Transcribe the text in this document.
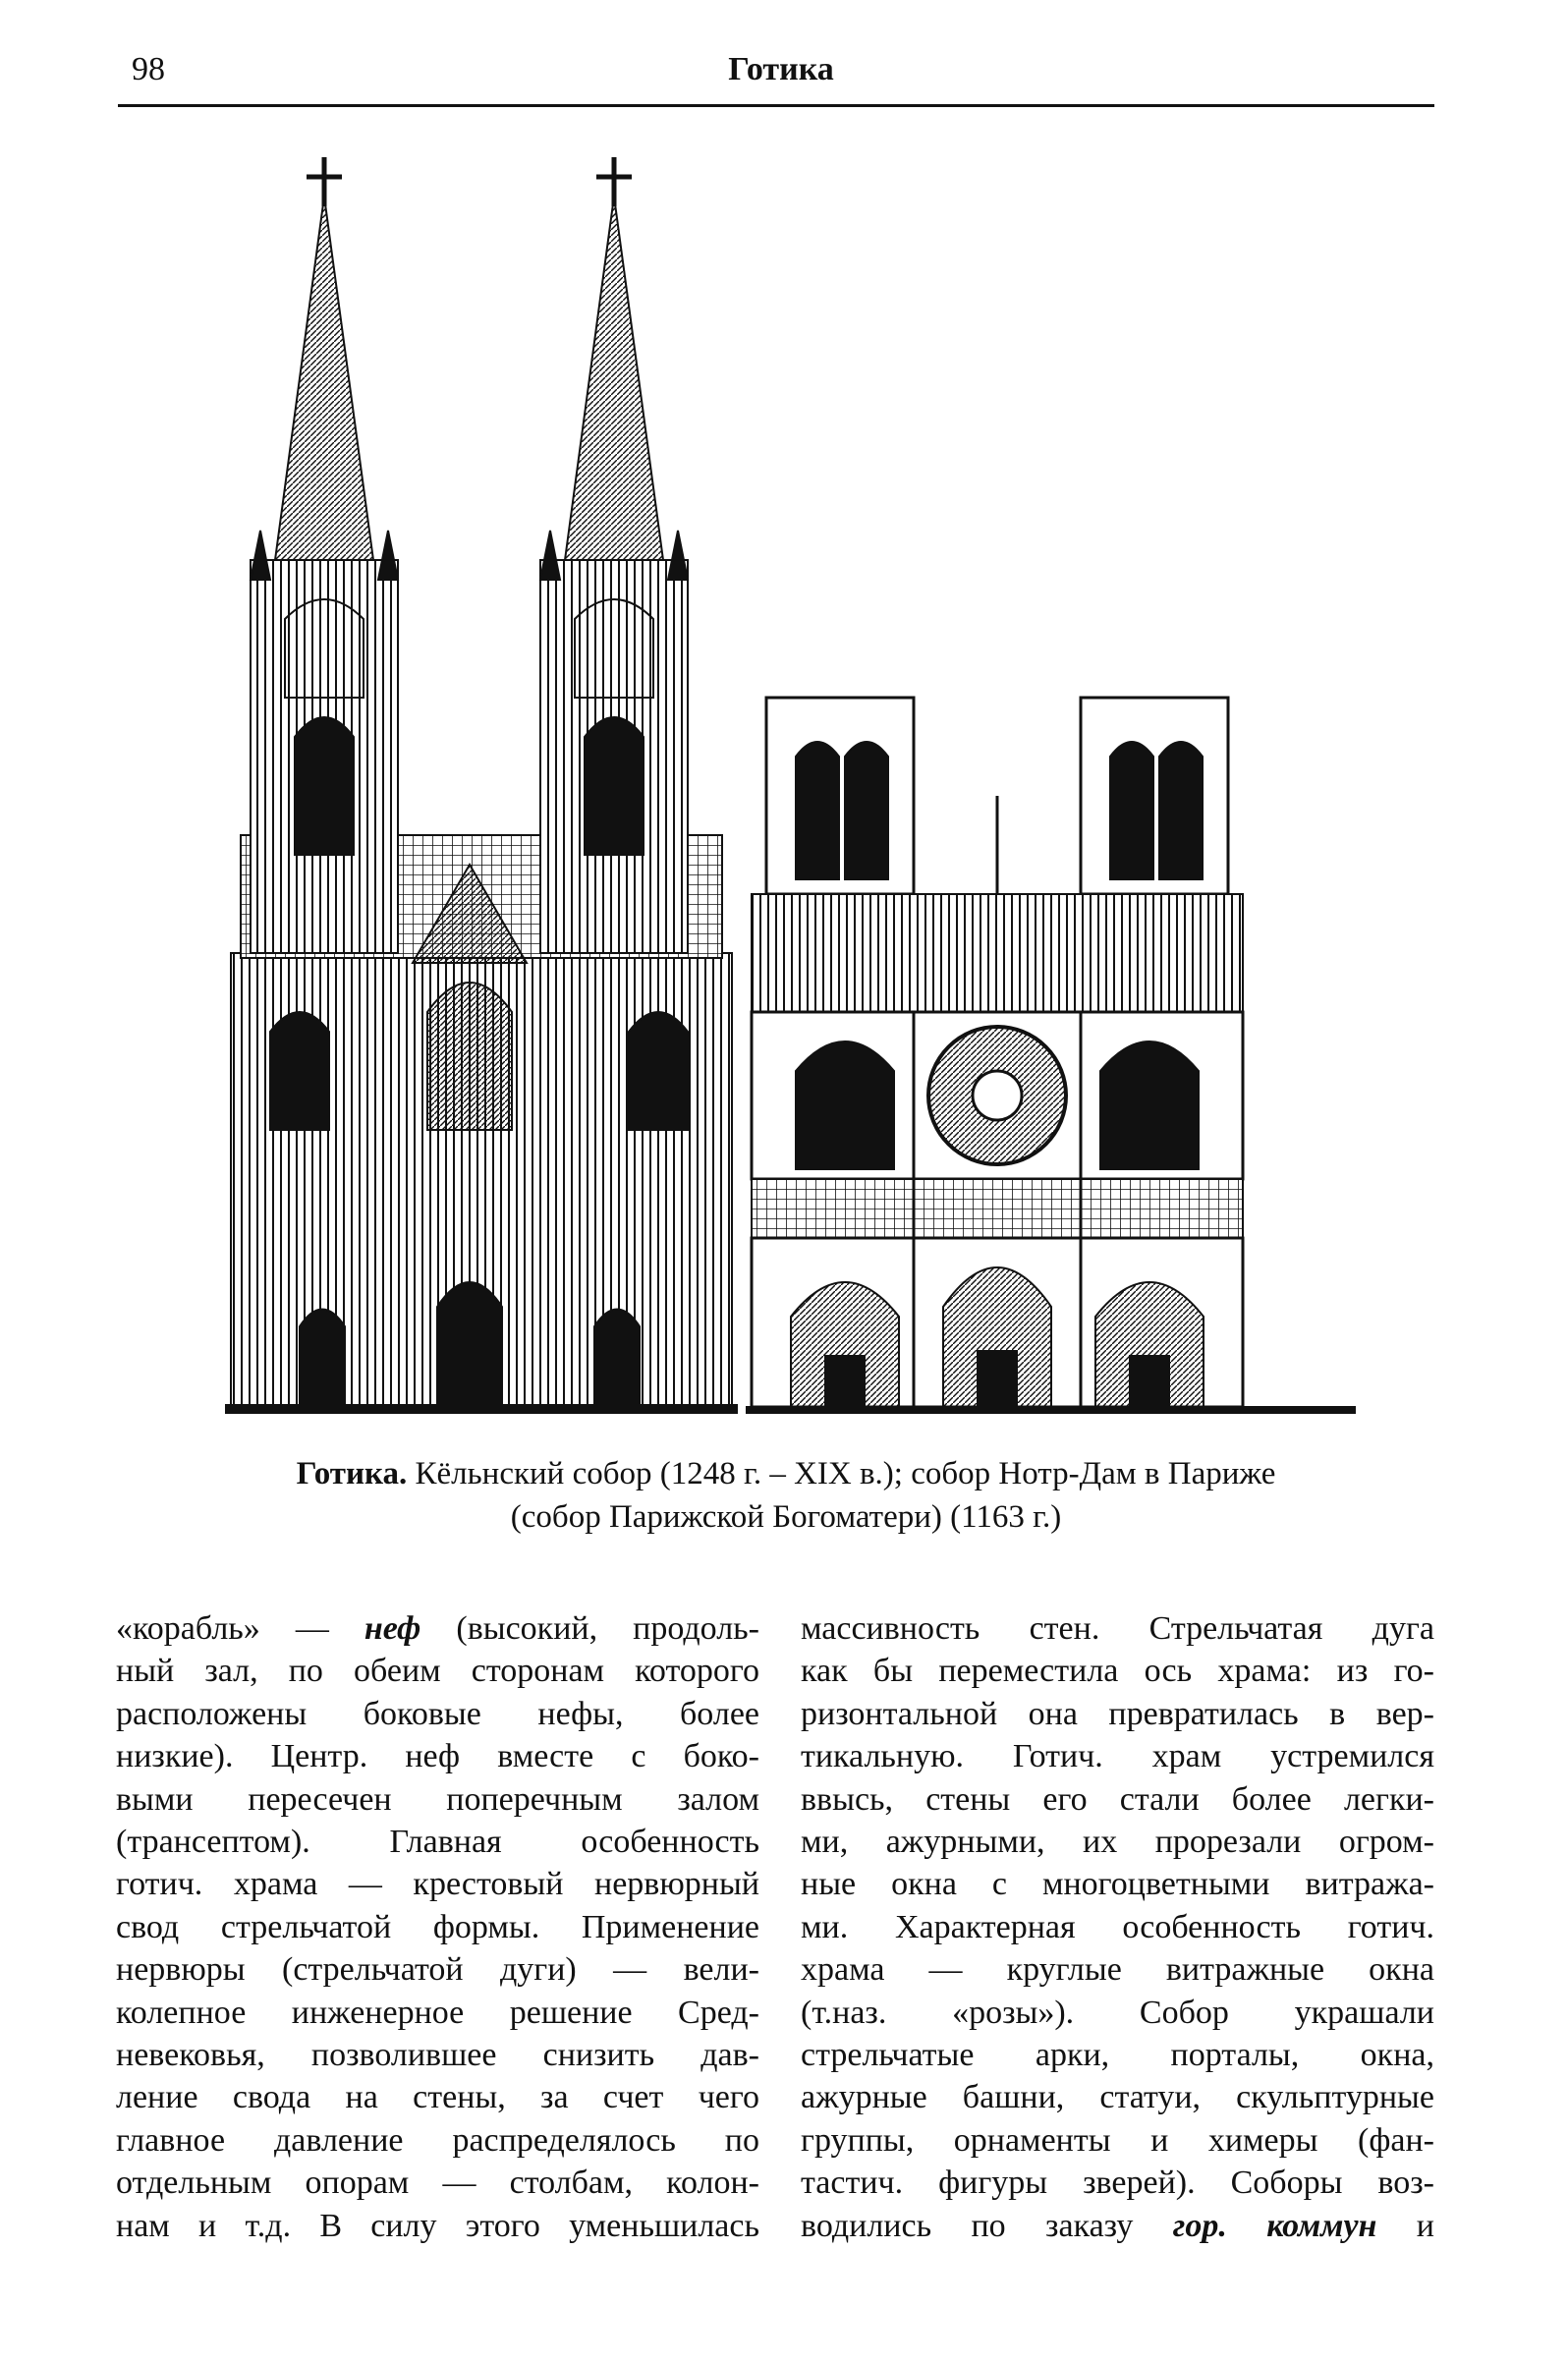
98	Готика
Готика. Кёльнский собор (1248 г. – XIX в.); собор Нотр-Дам в Париже
(собор Парижской Богоматери) (1163 г.)
«корабль» — неф (высокий, продоль-
ный зал, по обеим сторонам которого
расположены боковые нефы, более
низкие). Центр. неф вместе с боко-
выми пересечен поперечным залом
(трансептом). Главная особенность
готич. храма — крестовый нервюрный
свод стрельчатой формы. Применение
нервюры (стрельчатой дуги) — вели-
колепное инженерное решение Сред-
невековья, позволившее снизить дав-
ление свода на стены, за счет чего
главное давление распределялось по
отдельным опорам — столбам, колон-
нам и т.д. В силу этого уменьшилась
массивность стен. Стрельчатая дуга
как бы переместила ось храма: из го-
ризонтальной она превратилась в вер-
тикальную. Готич. храм устремился
ввысь, стены его стали более легки-
ми, ажурными, их прорезали огром-
ные окна с многоцветными витража-
ми. Характерная особенность готич.
храма — круглые витражные окна
(т.наз. «розы»). Собор украшали
стрельчатые арки, порталы, окна,
ажурные башни, статуи, скульптурные
группы, орнаменты и химеры (фан-
тастич. фигуры зверей). Соборы воз-
водились по заказу гор. коммун и
